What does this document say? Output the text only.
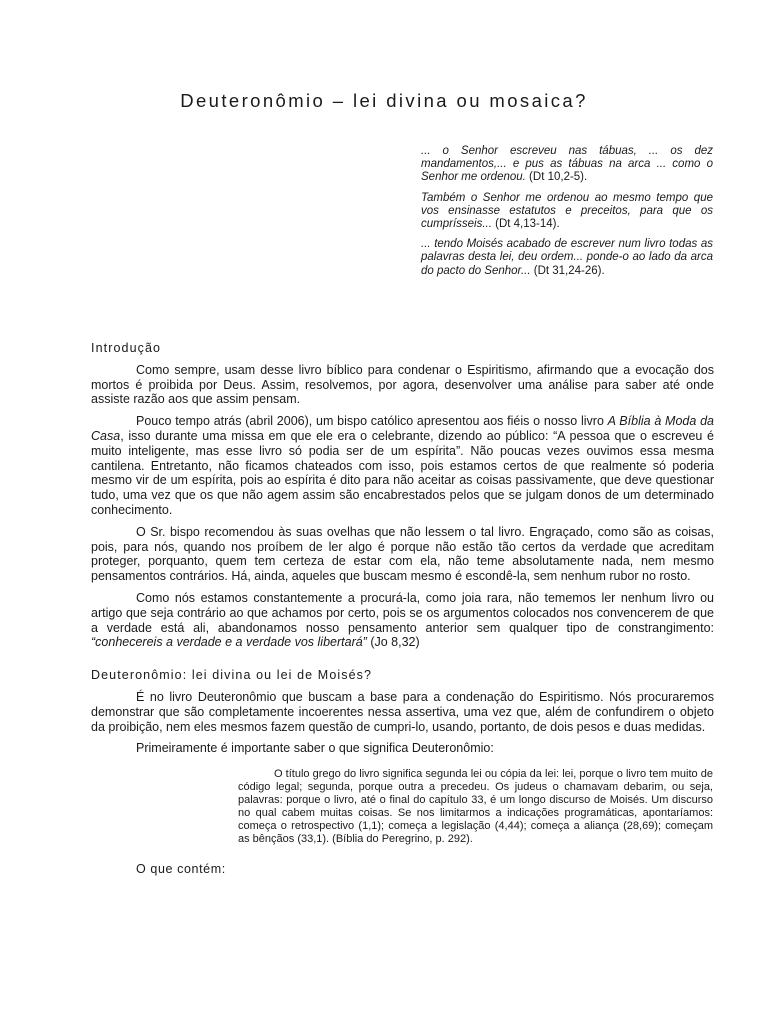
Deuteronômio – lei divina ou mosaica?

... o Senhor escreveu nas tábuas, ... os dez mandamentos,... e pus as tábuas na arca ... como o Senhor me ordenou. (Dt 10,2-5).

Também o Senhor me ordenou ao mesmo tempo que vos ensinasse estatutos e preceitos, para que os cumprísseis... (Dt 4,13-14).

... tendo Moisés acabado de escrever num livro todas as palavras desta lei, deu ordem... ponde-o ao lado da arca do pacto do Senhor... (Dt 31,24-26).

Introdução

Como sempre, usam desse livro bíblico para condenar o Espiritismo, afirmando que a evocação dos mortos é proibida por Deus. Assim, resolvemos, por agora, desenvolver uma análise para saber até onde assiste razão aos que assim pensam.

Pouco tempo atrás (abril 2006), um bispo católico apresentou aos fiéis o nosso livro A Bíblia à Moda da Casa, isso durante uma missa em que ele era o celebrante, dizendo ao público: “A pessoa que o escreveu é muito inteligente, mas esse livro só podia ser de um espírita”. Não poucas vezes ouvimos essa mesma cantilena. Entretanto, não ficamos chateados com isso, pois estamos certos de que realmente só poderia mesmo vir de um espírita, pois ao espírita é dito para não aceitar as coisas passivamente, que deve questionar tudo, uma vez que os que não agem assim são encabrestados pelos que se julgam donos de um determinado conhecimento.

O Sr. bispo recomendou às suas ovelhas que não lessem o tal livro. Engraçado, como são as coisas, pois, para nós, quando nos proíbem de ler algo é porque não estão tão certos da verdade que acreditam proteger, porquanto, quem tem certeza de estar com ela, não teme absolutamente nada, nem mesmo pensamentos contrários. Há, ainda, aqueles que buscam mesmo é escondê-la, sem nenhum rubor no rosto.

Como nós estamos constantemente a procurá-la, como joia rara, não tememos ler nenhum livro ou artigo que seja contrário ao que achamos por certo, pois se os argumentos colocados nos convencerem de que a verdade está ali, abandonamos nosso pensamento anterior sem qualquer tipo de constrangimento: “conhecereis a verdade e a verdade vos libertará” (Jo 8,32)

Deuteronômio: lei divina ou lei de Moisés?

É no livro Deuteronômio que buscam a base para a condenação do Espiritismo. Nós procuraremos demonstrar que são completamente incoerentes nessa assertiva, uma vez que, além de confundirem o objeto da proibição, nem eles mesmos fazem questão de cumpri-lo, usando, portanto, de dois pesos e duas medidas.

Primeiramente é importante saber o que significa Deuteronômio:

O título grego do livro significa segunda lei ou cópia da lei: lei, porque o livro tem muito de código legal; segunda, porque outra a precedeu. Os judeus o chamavam debarim, ou seja, palavras: porque o livro, até o final do capítulo 33, é um longo discurso de Moisés. Um discurso no qual cabem muitas coisas. Se nos limitarmos a indicações programáticas, apontaríamos: começa o retrospectivo (1,1); começa a legislação (4,44); começa a aliança (28,69); começam as bênçãos (33,1). (Bíblia do Peregrino, p. 292).

O que contém:
